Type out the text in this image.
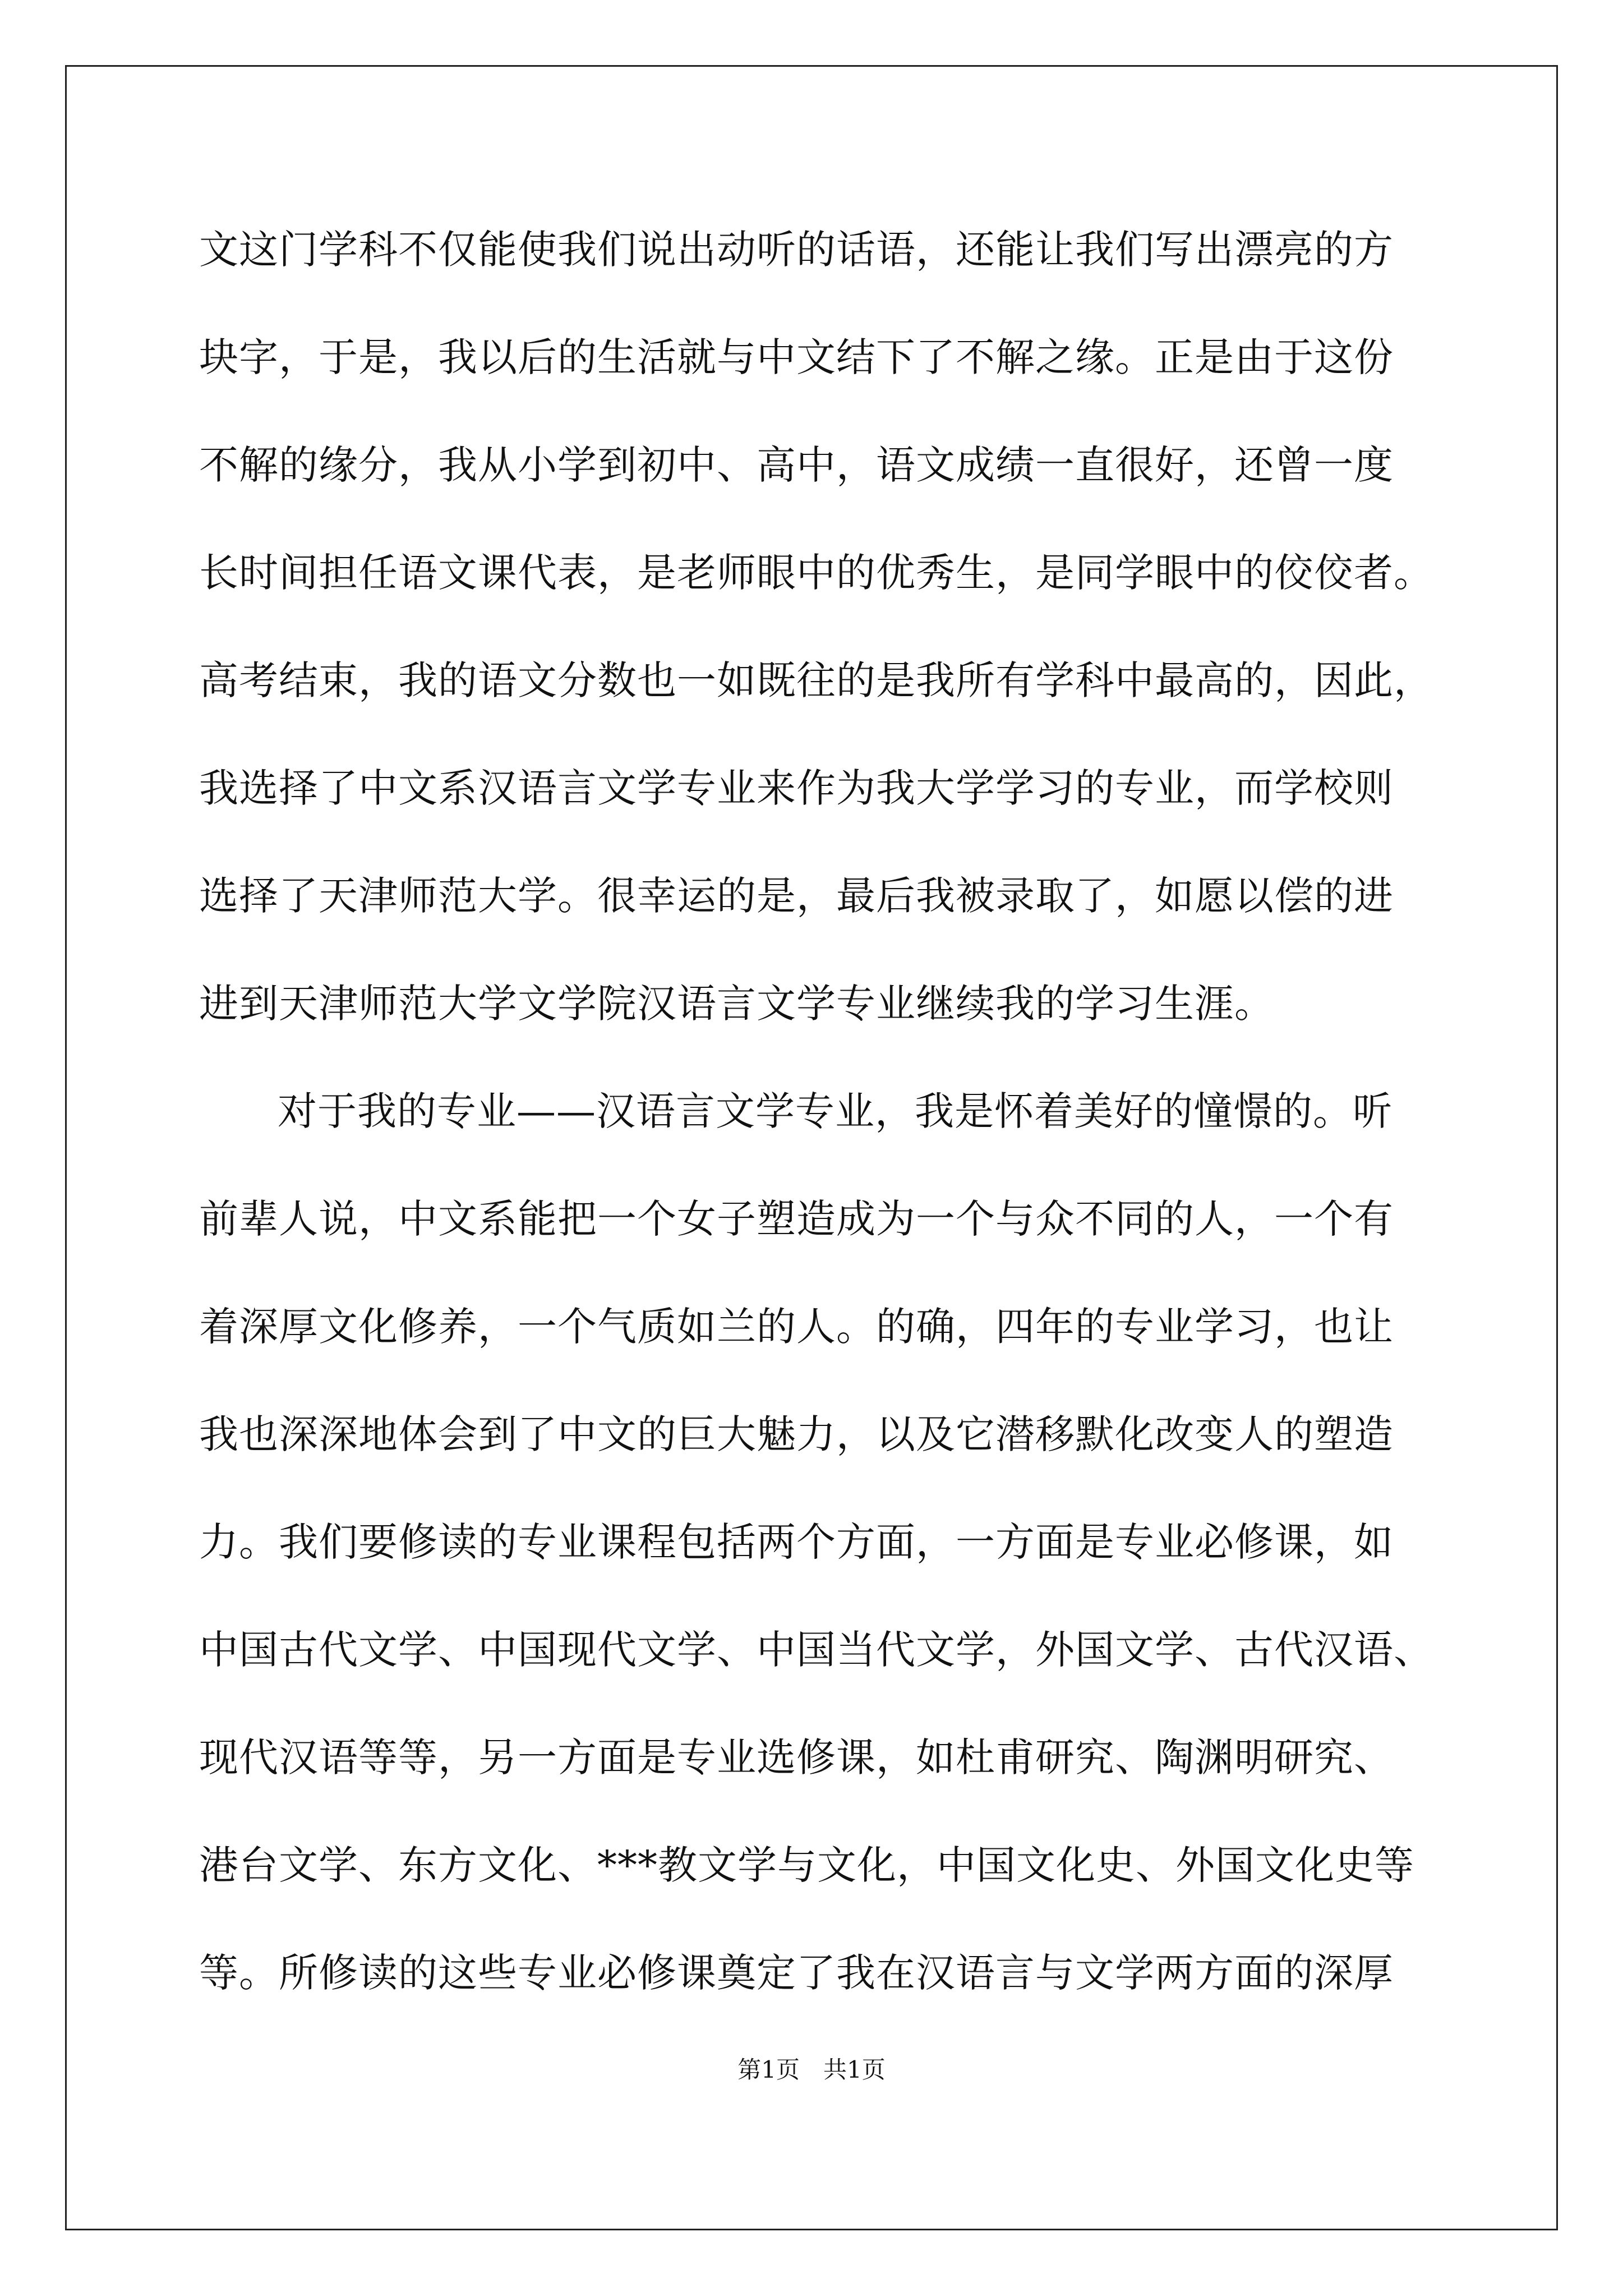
文这门学科不仅能使我们说出动听的话语，还能让我们写出漂亮的方
块字，于是，我以后的生活就与中文结下了不解之缘。正是由于这份
不解的缘分，我从小学到初中、高中，语文成绩一直很好，还曾一度
长时间担任语文课代表，是老师眼中的优秀生，是同学眼中的佼佼者。
高考结束，我的语文分数也一如既往的是我所有学科中最高的，因此，
我选择了中文系汉语言文学专业来作为我大学学习的专业，而学校则
选择了天津师范大学。很幸运的是，最后我被录取了，如愿以偿的进
进到天津师范大学文学院汉语言文学专业继续我的学习生涯。
对于我的专业——汉语言文学专业，我是怀着美好的憧憬的。听
前辈人说，中文系能把一个女子塑造成为一个与众不同的人，一个有
着深厚文化修养，一个气质如兰的人。的确，四年的专业学习，也让
我也深深地体会到了中文的巨大魅力，以及它潜移默化改变人的塑造
力。我们要修读的专业课程包括两个方面，一方面是专业必修课，如
中国古代文学、中国现代文学、中国当代文学，外国文学、古代汉语、
现代汉语等等，另一方面是专业选修课，如杜甫研究、陶渊明研究、
港台文学、东方文化、***教文学与文化，中国文化史、外国文化史等
等。所修读的这些专业必修课奠定了我在汉语言与文学两方面的深厚
第1页　共1页
